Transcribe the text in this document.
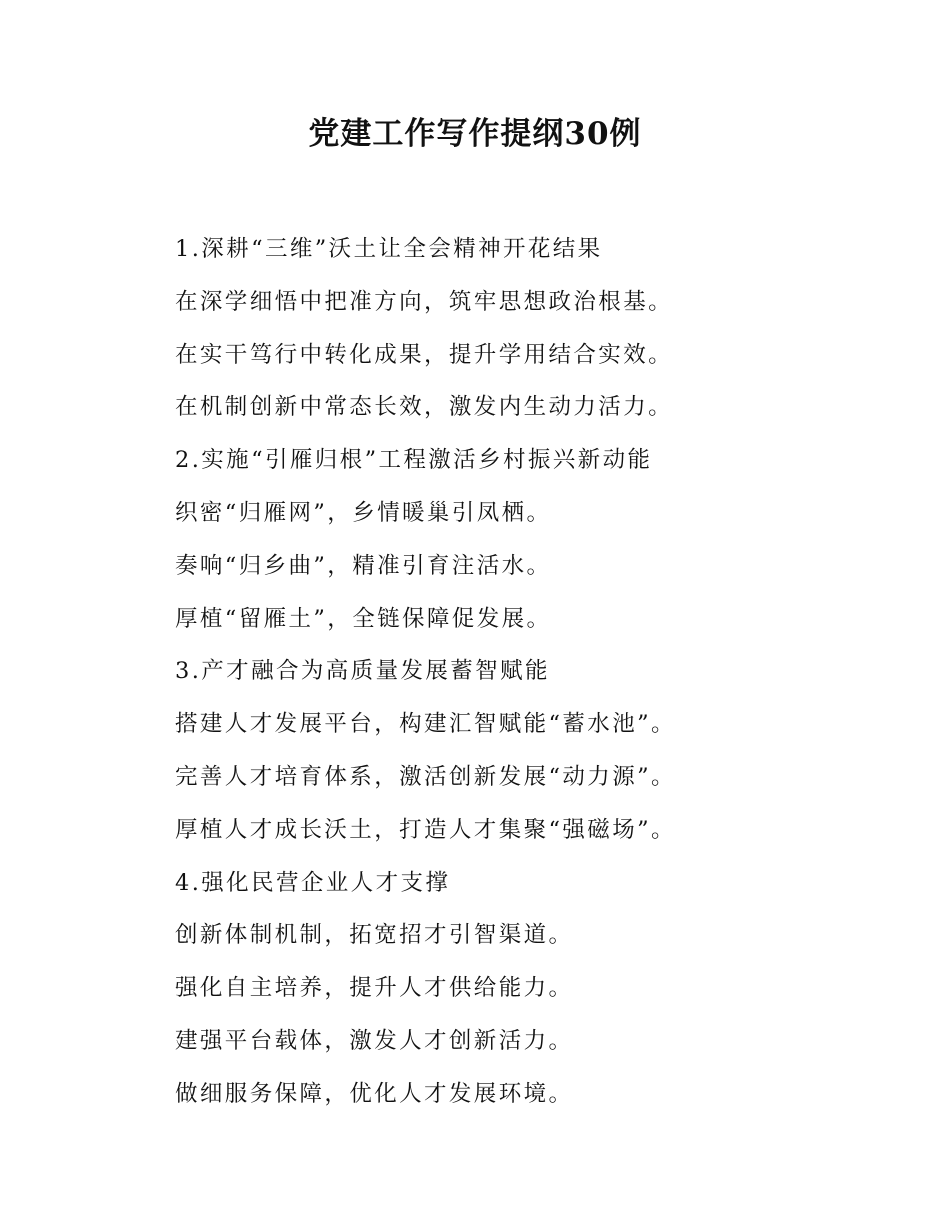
党建工作写作提纲30例
1.深耕“三维”沃土让全会精神开花结果
在深学细悟中把准方向，筑牢思想政治根基。
在实干笃行中转化成果，提升学用结合实效。
在机制创新中常态长效，激发内生动力活力。
2.实施“引雁归根”工程激活乡村振兴新动能
织密“归雁网”，乡情暖巢引凤栖。
奏响“归乡曲”，精准引育注活水。
厚植“留雁土”，全链保障促发展。
3.产才融合为高质量发展蓄智赋能
搭建人才发展平台，构建汇智赋能“蓄水池”。
完善人才培育体系，激活创新发展“动力源”。
厚植人才成长沃土，打造人才集聚“强磁场”。
4.强化民营企业人才支撑
创新体制机制，拓宽招才引智渠道。
强化自主培养，提升人才供给能力。
建强平台载体，激发人才创新活力。
做细服务保障，优化人才发展环境。
